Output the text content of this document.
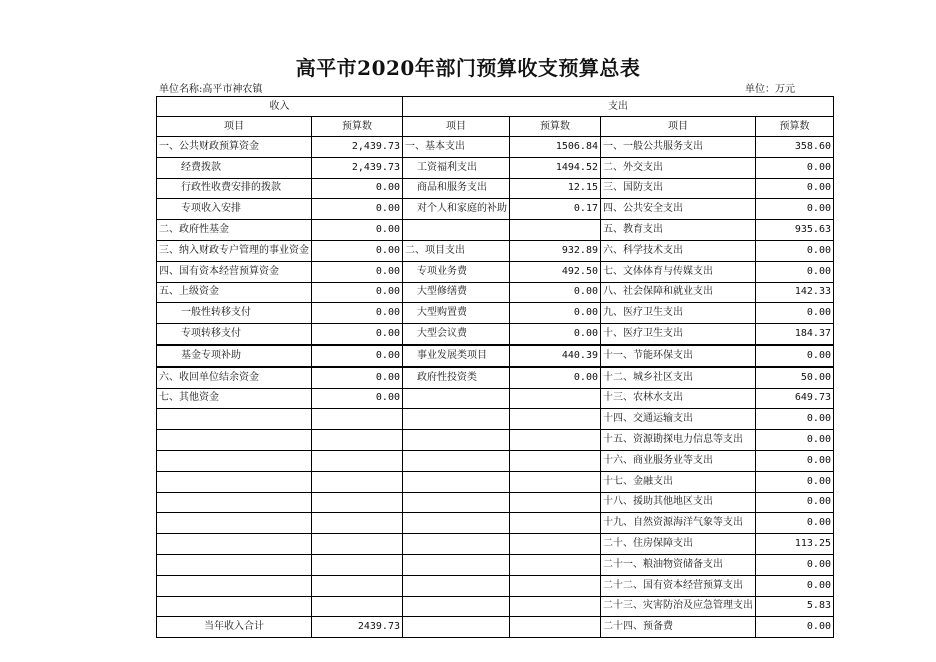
高平市2020年部门预算收支预算总表
单位名称:高平市神农镇	单位：万元
收入		支出			
项目	预算数	项目	预算数	项目	预算数
一、公共财政预算资金	2,439.73	一、基本支出	1506.84	一、一般公共服务支出	358.60
经费拨款	2,439.73	工资福利支出	1494.52	二、外交支出	0.00
行政性收费安排的拨款	0.00	商品和服务支出	12.15	三、国防支出	0.00
专项收入安排	0.00	对个人和家庭的补助	0.17	四、公共安全支出	0.00
二、政府性基金	0.00			五、教育支出	935.63
三、纳入财政专户管理的事业资金	0.00	二、项目支出	932.89	六、科学技术支出	0.00
四、国有资本经营预算资金	0.00	专项业务费	492.50	七、文体体育与传媒支出	0.00
五、上级资金	0.00	大型修缮费	0.00	八、社会保障和就业支出	142.33
一般性转移支付	0.00	大型购置费	0.00	九、医疗卫生支出	0.00
专项转移支付	0.00	大型会议费	0.00	十、医疗卫生支出	184.37
基金专项补助	0.00	事业发展类项目	440.39	十一、节能环保支出	0.00
六、收回单位结余资金	0.00	政府性投资类	0.00	十二、城乡社区支出	50.00
七、其他资金	0.00			十三、农林水支出	649.73
				十四、交通运输支出	0.00
				十五、资源勘探电力信息等支出	0.00
				十六、商业服务业等支出	0.00
				十七、金融支出	0.00
				十八、援助其他地区支出	0.00
				十九、自然资源海洋气象等支出	0.00
				二十、住房保障支出	113.25
				二十一、粮油物资储备支出	0.00
				二十二、国有资本经营预算支出	0.00
				二十三、灾害防治及应急管理支出	5.83
当年收入合计	2439.73			二十四、预备费	0.00
